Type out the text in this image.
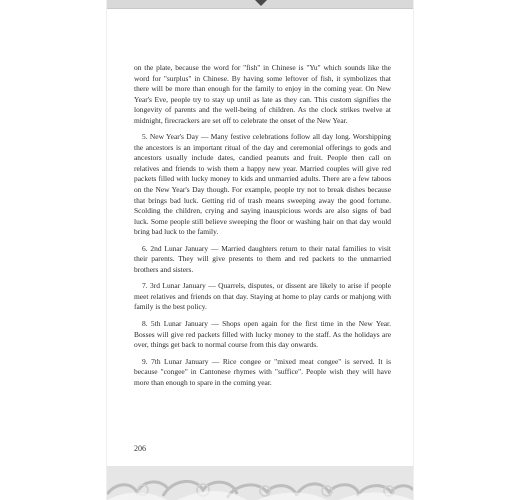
on the plate, because the word for "fish" in Chinese is "Yu" which sounds like the word for "surplus" in Chinese. By having some leftover of fish, it symbolizes that there will be more than enough for the family to enjoy in the coming year. On New Year's Eve, people try to stay up until as late as they can. This custom signifies the longevity of parents and the well-being of children. As the clock strikes twelve at midnight, firecrackers are set off to celebrate the onset of the New Year.

5. New Year's Day — Many festive celebrations follow all day long. Worshipping the ancestors is an important ritual of the day and ceremonial offerings to gods and ancestors usually include dates, candied peanuts and fruit. People then call on relatives and friends to wish them a happy new year. Married couples will give red packets filled with lucky money to kids and unmarried adults. There are a few taboos on the New Year's Day though. For example, people try not to break dishes because that brings bad luck. Getting rid of trash means sweeping away the good fortune. Scolding the children, crying and saying inauspicious words are also signs of bad luck. Some people still believe sweeping the floor or washing hair on that day would bring bad luck to the family.

6. 2nd Lunar January — Married daughters return to their natal families to visit their parents. They will give presents to them and red packets to the unmarried brothers and sisters.

7. 3rd Lunar January — Quarrels, disputes, or dissent are likely to arise if people meet relatives and friends on that day. Staying at home to play cards or mahjong with family is the best policy.

8. 5th Lunar January — Shops open again for the first time in the New Year. Bosses will give red packets filled with lucky money to the staff. As the holidays are over, things get back to normal course from this day onwards.

9. 7th Lunar January — Rice congee or "mixed meat congee" is served. It is because "congee" in Cantonese rhymes with "suffice". People wish they will have more than enough to spare in the coming year.

206
